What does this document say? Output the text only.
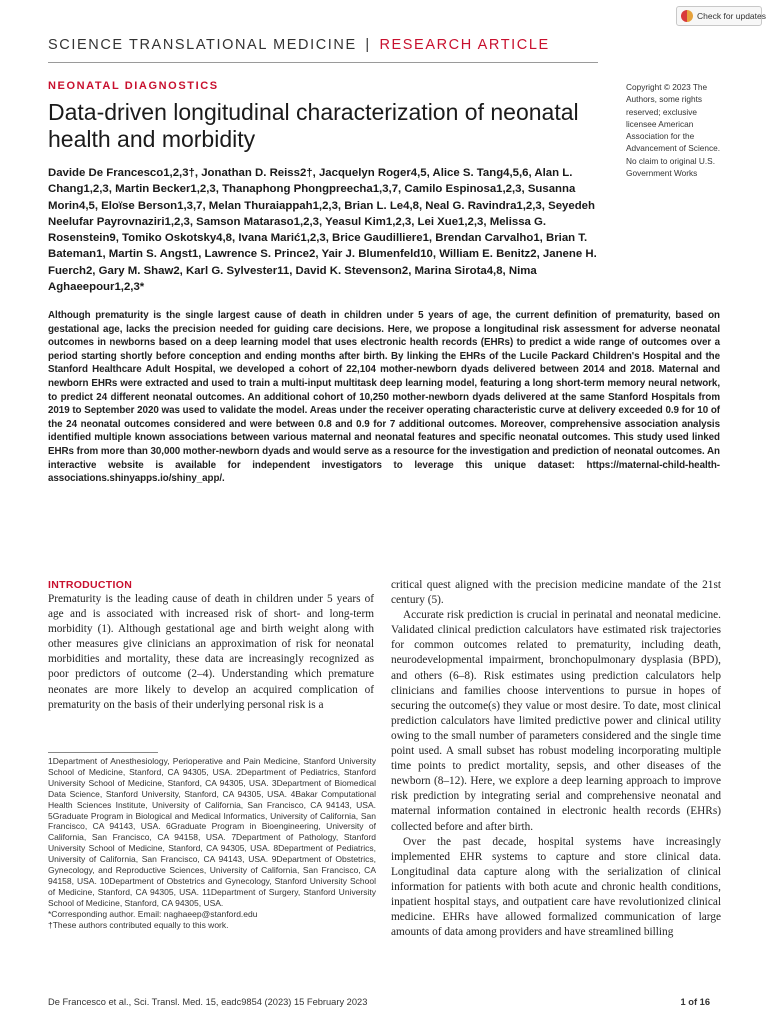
Check for updates
SCIENCE TRANSLATIONAL MEDICINE | RESEARCH ARTICLE
NEONATAL DIAGNOSTICS
Data-driven longitudinal characterization of neonatal health and morbidity
Davide De Francesco1,2,3†, Jonathan D. Reiss2†, Jacquelyn Roger4,5, Alice S. Tang4,5,6, Alan L. Chang1,2,3, Martin Becker1,2,3, Thanaphong Phongpreecha1,3,7, Camilo Espinosa1,2,3, Susanna Morin4,5, Eloïse Berson1,3,7, Melan Thuraiappah1,2,3, Brian L. Le4,8, Neal G. Ravindra1,2,3, Seyedeh Neelufar Payrovnaziri1,2,3, Samson Mataraso1,2,3, Yeasul Kim1,2,3, Lei Xue1,2,3, Melissa G. Rosenstein9, Tomiko Oskotsky4,8, Ivana Marić1,2,3, Brice Gaudilliere1, Brendan Carvalho1, Brian T. Bateman1, Martin S. Angst1, Lawrence S. Prince2, Yair J. Blumenfeld10, William E. Benitz2, Janene H. Fuerch2, Gary M. Shaw2, Karl G. Sylvester11, David K. Stevenson2, Marina Sirota4,8, Nima Aghaeepour1,2,3*
Copyright © 2023 The Authors, some rights reserved; exclusive licensee American Association for the Advancement of Science. No claim to original U.S. Government Works
Although prematurity is the single largest cause of death in children under 5 years of age, the current definition of prematurity, based on gestational age, lacks the precision needed for guiding care decisions. Here, we propose a longitudinal risk assessment for adverse neonatal outcomes in newborns based on a deep learning model that uses electronic health records (EHRs) to predict a wide range of outcomes over a period starting shortly before conception and ending months after birth. By linking the EHRs of the Lucile Packard Children's Hospital and the Stanford Healthcare Adult Hospital, we developed a cohort of 22,104 mother-newborn dyads delivered between 2014 and 2018. Maternal and newborn EHRs were extracted and used to train a multi-input multitask deep learning model, featuring a long short-term memory neural network, to predict 24 different neonatal outcomes. An additional cohort of 10,250 mother-newborn dyads delivered at the same Stanford Hospitals from 2019 to September 2020 was used to validate the model. Areas under the receiver operating characteristic curve at delivery exceeded 0.9 for 10 of the 24 neonatal outcomes considered and were between 0.8 and 0.9 for 7 additional outcomes. Moreover, comprehensive association analysis identified multiple known associations between various maternal and neonatal features and specific neonatal outcomes. This study used linked EHRs from more than 30,000 mother-newborn dyads and would serve as a resource for the investigation and prediction of neonatal outcomes. An interactive website is available for independent investigators to leverage this unique dataset: https://maternal-child-health-associations.shinyapps.io/shiny_app/.
INTRODUCTION

Prematurity is the leading cause of death in children under 5 years of age and is associated with increased risk of short- and long-term morbidity (1). Although gestational age and birth weight along with other measures give clinicians an approximation of risk for neonatal morbidities and mortality, these data are increasingly recognized as poor predictors of outcome (2–4). Understanding which premature neonates are more likely to develop an acquired complication of prematurity on the basis of their underlying personal risk is a

critical quest aligned with the precision medicine mandate of the 21st century (5).

Accurate risk prediction is crucial in perinatal and neonatal medicine. Validated clinical prediction calculators have estimated risk trajectories for common outcomes related to prematurity, including death, neurodevelopmental impairment, bronchopulmonary dysplasia (BPD), and others (6–8). Risk estimates using prediction calculators help clinicians and families choose interventions to pursue in hopes of securing the outcome(s) they value or most desire. To date, most clinical prediction calculators have limited predictive power and clinical utility owing to the small number of parameters considered and the single time point used. A small subset has robust modeling incorporating multiple time points to predict mortality, sepsis, and other diseases of the newborn (8–12). Here, we explore a deep learning approach to improve risk prediction by integrating serial and comprehensive neonatal and maternal information contained in electronic health records (EHRs) collected before and after birth.

Over the past decade, hospital systems have increasingly implemented EHR systems to capture and store clinical data. Longitudinal data capture along with the serialization of clinical information for patients with both acute and chronic health conditions, inpatient hospital stays, and outpatient care have revolutionized clinical medicine. EHRs have allowed formalized communication of large amounts of data among providers and have streamlined billing

1Department of Anesthesiology, Perioperative and Pain Medicine, Stanford University School of Medicine, Stanford, CA 94305, USA. 2Department of Pediatrics, Stanford University School of Medicine, Stanford, CA 94305, USA. 3Department of Biomedical Data Science, Stanford University, Stanford, CA 94305, USA. 4Bakar Computational Health Sciences Institute, University of California, San Francisco, CA 94143, USA. 5Graduate Program in Biological and Medical Informatics, University of California, San Francisco, CA 94143, USA. 6Graduate Program in Bioengineering, University of California, San Francisco, CA 94158, USA. 7Department of Pathology, Stanford University School of Medicine, Stanford, CA 94305, USA. 8Department of Pediatrics, University of California, San Francisco, CA 94143, USA. 9Department of Obstetrics, Gynecology, and Reproductive Sciences, University of California, San Francisco, CA 94158, USA. 10Department of Obstetrics and Gynecology, Stanford University School of Medicine, Stanford, CA 94305, USA. 11Department of Surgery, Stanford University School of Medicine, Stanford, CA 94305, USA.

*Corresponding author. Email: naghaeep@stanford.edu

†These authors contributed equally to this work.

De Francesco et al., Sci. Transl. Med. 15, eadc9854 (2023) 15 February 2023	1 of 16
